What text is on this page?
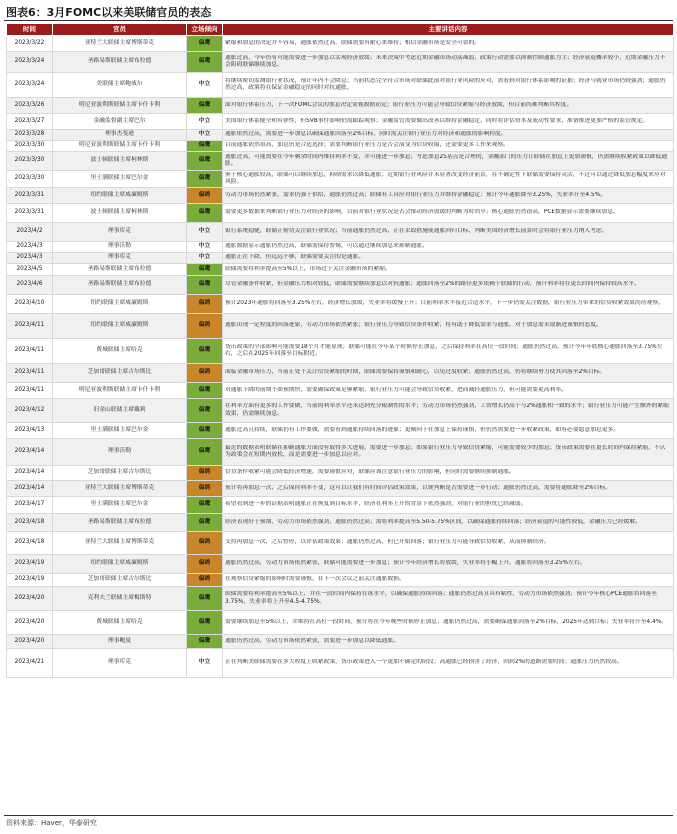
图表6：3月FOMC以来美联储官员的表态
时间	官员	立场倾向	主要讲话内容
2023/3/22	亚特兰大联储主席博斯蒂克	偏鹰	紧缩和加息的决定并不容易，通胀依然过高，联储需要有耐心来维持；相信金融市场是安全可靠的。

2023/3/24	圣路易斯联储主席布拉德	偏鹰	通胀过高，今年仍有可能需要进一步加息以实现经济放缓；未来决策中考虑近期金融市场动荡减弱，政策行动需要以抑制控制通胀为主；经济衰退概率较小，近期金融压力不会阻碍联储继续加息。

2023/3/24	美联储主席鲍威尔	中立	将继续密切监测银行业状况，预计年内不会降息；当前状态完全符合市场对联储此前对银行业风险的应对，需看到对银行体系影响的证据；经济与就业市场仍较强劲；通胀仍然过高，政策将在保证金融稳定的同时对抗通胀。

2023/3/26	明尼亚波利斯联储主席卡什卡利	偏鹰	面对银行体系压力，下一次FOMC会议的加息决定需视数据而定；银行业压力可能会导致信贷紧缩与经济放缓，但目前尚难判断其程度。

2023/3/27	金融监督副主席巴尔	中立	美国银行体系健全和有弹性，但SVB事件影响仍需跟踪观察；金融监管需要做出改善以维持金融稳定，同时将评估资本及流动性要求，准备推进更加严格的监管规定。

2023/3/28	理事杰斐逊	中立	通胀依然过高，需要进一步加息以确保通胀回落至2%目标，同时需关注银行业压力对经济和通胀的影响程度。

2023/3/30	明尼亚波利斯联储主席卡什卡利	偏鹰	目前通胀依然很高，加息仍是合适选择；需要判断银行业压力是否会演变为信贷收缩，还需要更多工作来观察。

2023/3/30	波士顿联储主席柯林斯	偏鹰	通胀过高，可能需要在今年剩余时间内维持利率不变，并可能进一步加息；考虑加息25基点是合理的，金融部门的压力让联储在加息上更加谨慎，仍需继续收紧政策以降低通胀。

2023/3/30	里士满联储主席巴尔金	偏鹰	鉴于核心通胀较高，联储可以继续加息，抑制需求以降低通胀；近期银行业风险并未显著改变经济前景，在不确定性下联储需要保持灵活，不过可以通过降低加息幅度来应对风险。

2023/3/31	纽约联储主席威廉姆斯	偏鸽	劳动力市场仍然紧张，需求仍强于供给，通胀仍然过高；联储有工具应对银行业压力并维持金融稳定；预计今年通胀降至3.25%，失业率升至4.5%。

2023/3/31	波士顿联储主席柯林斯	偏鹰	需要更多数据来判断银行业压力对经济的影响，目前对银行业状况是否会推动经济放缓的判断为时尚早；核心通胀仍然很高，PCE数据显示需要继续加息。

2023/4/2	理事库克	中立	银行系统稳健，联储正密切关注银行业状况；当前通胀仍然过高，正在采取措施使通胀回归目标，判断美国经济增长前景时会将银行业压力纳入考虑。

2023/4/3	理事沃勒	中立	通胀数据显示通胀仍然过高，联储需保持警惕，可以通过继续加息来抑制通胀。

2023/4/3	理事库克	中立	通胀正在下降，但远远不够，联储需要关注的是通胀。

2023/4/5	圣路易斯联储主席布拉德	偏鹰	联储需要将利率提高至5%以上，市场过于关注金融市场的紧缩。

2023/4/6	圣路易斯联储主席布拉德	偏鹰	尽管金融条件收紧，但金融压力相对较低，联储需要继续加息以对抗通胀；通胀回落至2%的路径更多依赖于联储的行动，预计利率将在更长时间内保持较高水平。

2023/4/10	纽约联储主席威廉姆斯	偏鸽	预计2023年通胀将回落至3.25%左右，经济增长放缓，失业率将缓慢上升；目前利率水平接近合适水平，下一步仍需关注数据，银行业压力带来的信贷收紧效果尚待观察。

2023/4/11	纽约联储主席威廉姆斯	偏鸽	通胀出现一定程度的回落迹象，劳动力市场依然紧张；银行业压力导致信贷条件收紧，将有助于降低需求与通胀，对于加息需采取渐进谨慎的态度。

2023/4/11	费城联储主席哈克	偏鹰	货币政策的全部影响可能需要18个月才能显现；联储可能在今年某个时候停止加息，之后保持利率在高位一段时间；通胀仍然过高，预计今年年底核心通胀回落至3.75%左右，之后在2025年回落至目标附近。

2023/4/11	芝加哥联储主席古尔斯比	偏鸽	面临金融市场压力，当前正处于关注信贷紧缩的时期，联储需要保持谨慎和耐心，以免过度收紧；通胀仍然过高，仍将继续努力使其回落至2%目标。

2023/4/11	明尼亚波利斯联储主席卡什卡利	偏鹰	对通胀下降的前期不如预期快，需要确保政策足够紧缩，银行业压力可能会导致信贷收紧，进而减轻通胀压力，但可能需要更高利率。

2023/4/12	旧金山联储主席戴莉	偏鹰	在利率方面有更多的工作要做，当前的利率水平还未达到充分限制性的水平；劳动力市场仍然强劲，工资增长仍高于与2%通胀相一致的水平；银行业压力可能产生额外的紧缩效果，仍需继续加息。

2023/4/13	里士满联储主席巴尔金	偏鹰	通胀过高且持续，联储仍有工作要做，需要看到通胀持续回落的迹象；更倾向于在加息上保持谨慎，但仍然需要进一步收紧政策，如有必要愿意加息更多。

2023/4/14	理事沃勒	偏鹰	最近的数据表明联储在抑制通胀方面没有取得多大进展，需要进一步加息；如果银行业压力导致信贷紧缩，可能需要较少的加息；货币政策需要在更长时间内保持紧缩，不认为政策会在短期内放松，而是需要进一步加息以应对。

2023/4/14	芝加哥联储主席古尔斯比	偏鸽	信贷条件收紧可能会降低经济增速，需要谨慎应对，联储应该注意银行业压力的影响，但同时需要继续抑制通胀。

2023/4/14	亚特兰大联储主席博斯蒂克	偏鸽	预计将再加息一次，之后保持利率不变，这可以让我们有时间评估政策效果，以便判断是否需要进一步行动；通胀仍然过高，需要将通胀降至2%目标。

2023/4/17	里士满联储主席巴尔金	偏鹰	希望看到进一步的证据表明通胀正在恢复到目标水平，经济在利率上升的背景下依然强劲，对银行业的担忧已经减弱。

2023/4/18	圣路易斯联储主席布拉德	偏鹰	经济表现好于预期，劳动力市场依然强劲，通胀仍然过高；需将利率提高至5.50-5.75%区间，以确保通胀持续回落；经济衰退的可能性较低，金融压力已经缓解。

2023/4/18	亚特兰大联储主席博斯蒂克	偏鸽	支持再加息一次，之后暂停，以评估政策效果；通胀仍然过高，但已开始回落；银行业压力可能导致信贷收紧，从而抑制经济。

2023/4/19	纽约联储主席威廉姆斯	偏鸽	通胀仍然过高，劳动力市场依然紧张，联储可能需要进一步加息；预计今年经济增长将放缓，失业率将小幅上升，通胀将回落至3.25%左右。

2023/4/19	芝加哥联储主席古尔斯比	偏鸽	在观察信贷紧缩的影响时需要谨慎，在下一次会议之前关注通胀数据。

2023/4/20	克利夫兰联储主席梅斯特	偏鹰	联储需要将利率提高至5%以上，并在一段时间内保持在该水平，以确保通胀持续回落；通胀仍然过高且具有粘性，劳动力市场依然强劲；预计今年核心PCE通胀将回落至3.75%，失业率将上升至4.5-4.75%。

2023/4/20	费城联储主席哈克	偏鹰	需要继续加息至5%以上，并维持在高位一段时间，预计将在今年晚些时候停止加息；通胀仍然过高，需要确保通胀回落至2%目标，2025年达到目标；失业率将升至4.4%。

2023/4/20	理事鲍曼	偏鹰	通胀仍然过高，劳动力市场依然紧张，需要进一步加息以降低通胀。

2023/4/21	理事库克	中立	正在判断美联储需要在多大程度上收紧政策，货币政策进入一个更加不确定的阶段；高通胀已经损害了经济，回到2%的道路需要时间；通胀压力仍然较高。
资料来源：Haver，华泰研究
